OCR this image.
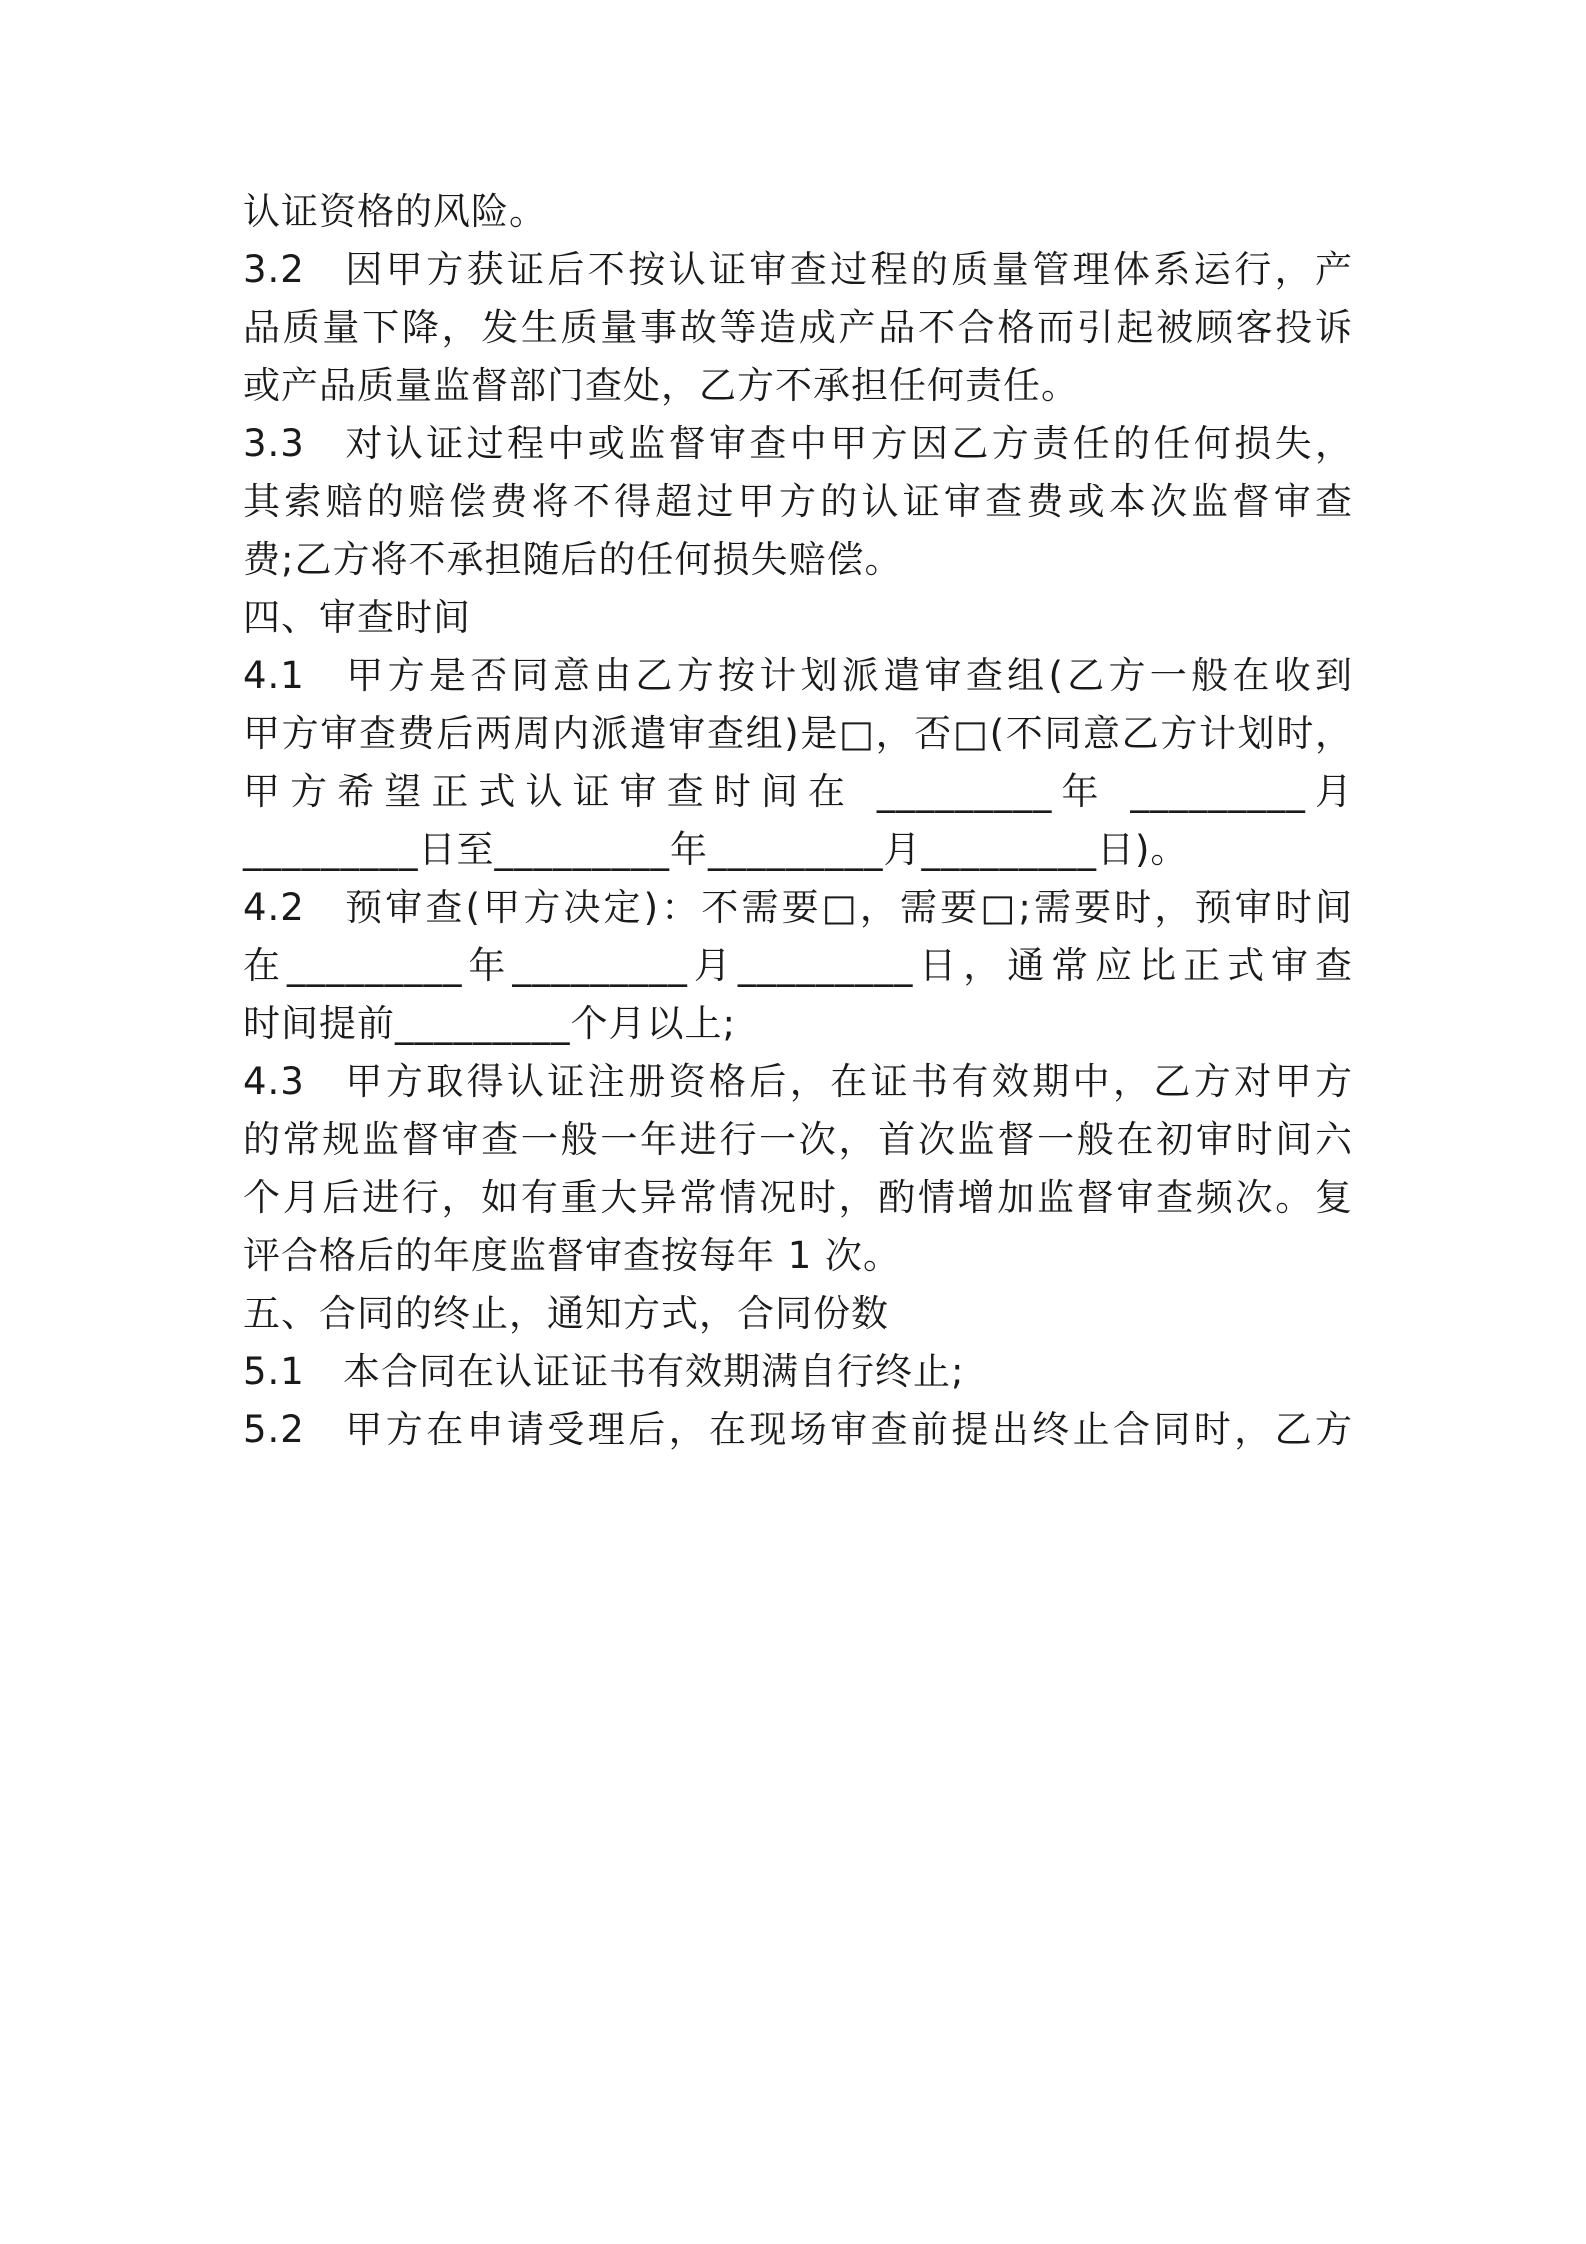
认证资格的风险。
3.2 因甲方获证后不按认证审查过程的质量管理体系运行，产
品质量下降，发生质量事故等造成产品不合格而引起被顾客投诉
或产品质量监督部门查处，乙方不承担任何责任。
3.3 对认证过程中或监督审查中甲方因乙方责任的任何损失，
其索赔的赔偿费将不得超过甲方的认证审查费或本次监督审查
费;乙方将不承担随后的任何损失赔偿。
四、审查时间
4.1 甲方是否同意由乙方按计划派遣审查组(乙方一般在收到
甲方审查费后两周内派遣审查组)是□，否□(不同意乙方计划时，
甲方希望正式认证审查时间在 _________年 _________月
_________日至_________年_________月_________日)。
4.2 预审查(甲方决定)：不需要□，需要□;需要时，预审时间
在_________年_________月_________日，通常应比正式审查
时间提前_________个月以上;
4.3 甲方取得认证注册资格后，在证书有效期中，乙方对甲方
的常规监督审查一般一年进行一次，首次监督一般在初审时间六
个月后进行，如有重大异常情况时，酌情增加监督审查频次。复
评合格后的年度监督审查按每年 1 次。
五、合同的终止，通知方式，合同份数
5.1 本合同在认证证书有效期满自行终止;
5.2 甲方在申请受理后，在现场审查前提出终止合同时，乙方
